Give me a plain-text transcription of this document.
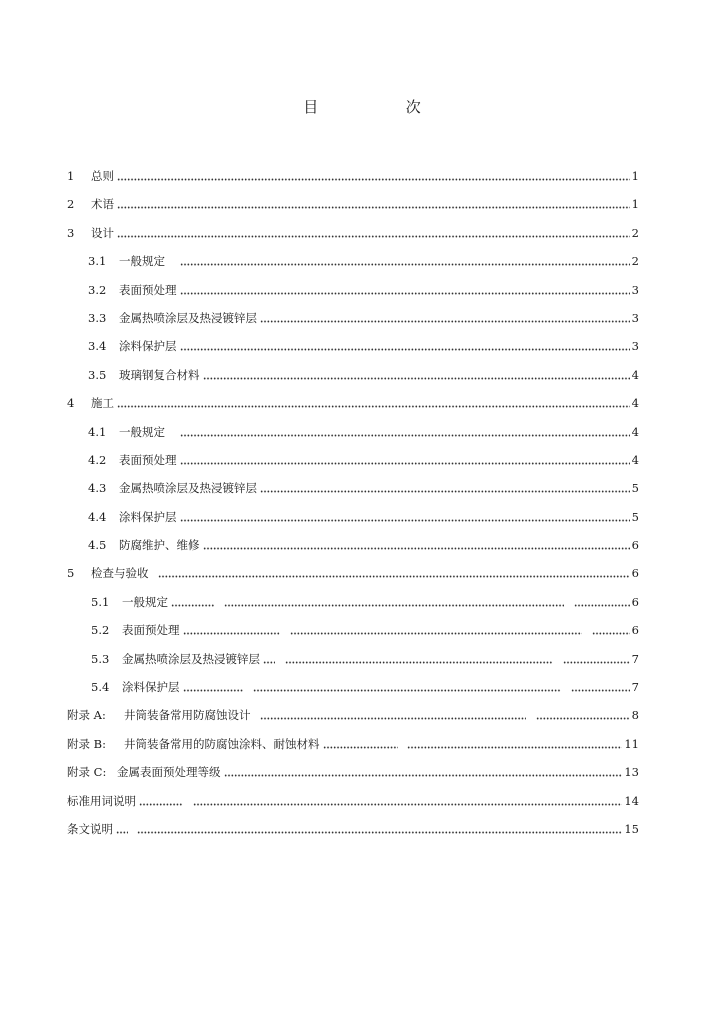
目  次
1	总则	1
2	术语	1
3	设计	2
3.1	一般规定	2
3.2	表面预处理	3
3.3	金属热喷涂层及热浸镀锌层	3
3.4	涂料保护层	3
3.5	玻璃钢复合材料	4
4	施工	4
4.1	一般规定	4
4.2	表面预处理	4
4.3	金属热喷涂层及热浸镀锌层	5
4.4	涂料保护层	5
4.5	防腐维护、维修	6
5	检查与验收	6
5.1	一般规定	6
5.2	表面预处理	6
5.3	金属热喷涂层及热浸镀锌层	7
5.4	涂料保护层	7
附录 A:	井筒装备常用防腐蚀设计	8
附录 B:	井筒装备常用的防腐蚀涂料、耐蚀材料	11
附录 C: 金属表面预处理等级	13
标准用词说明	14
条文说明	15
